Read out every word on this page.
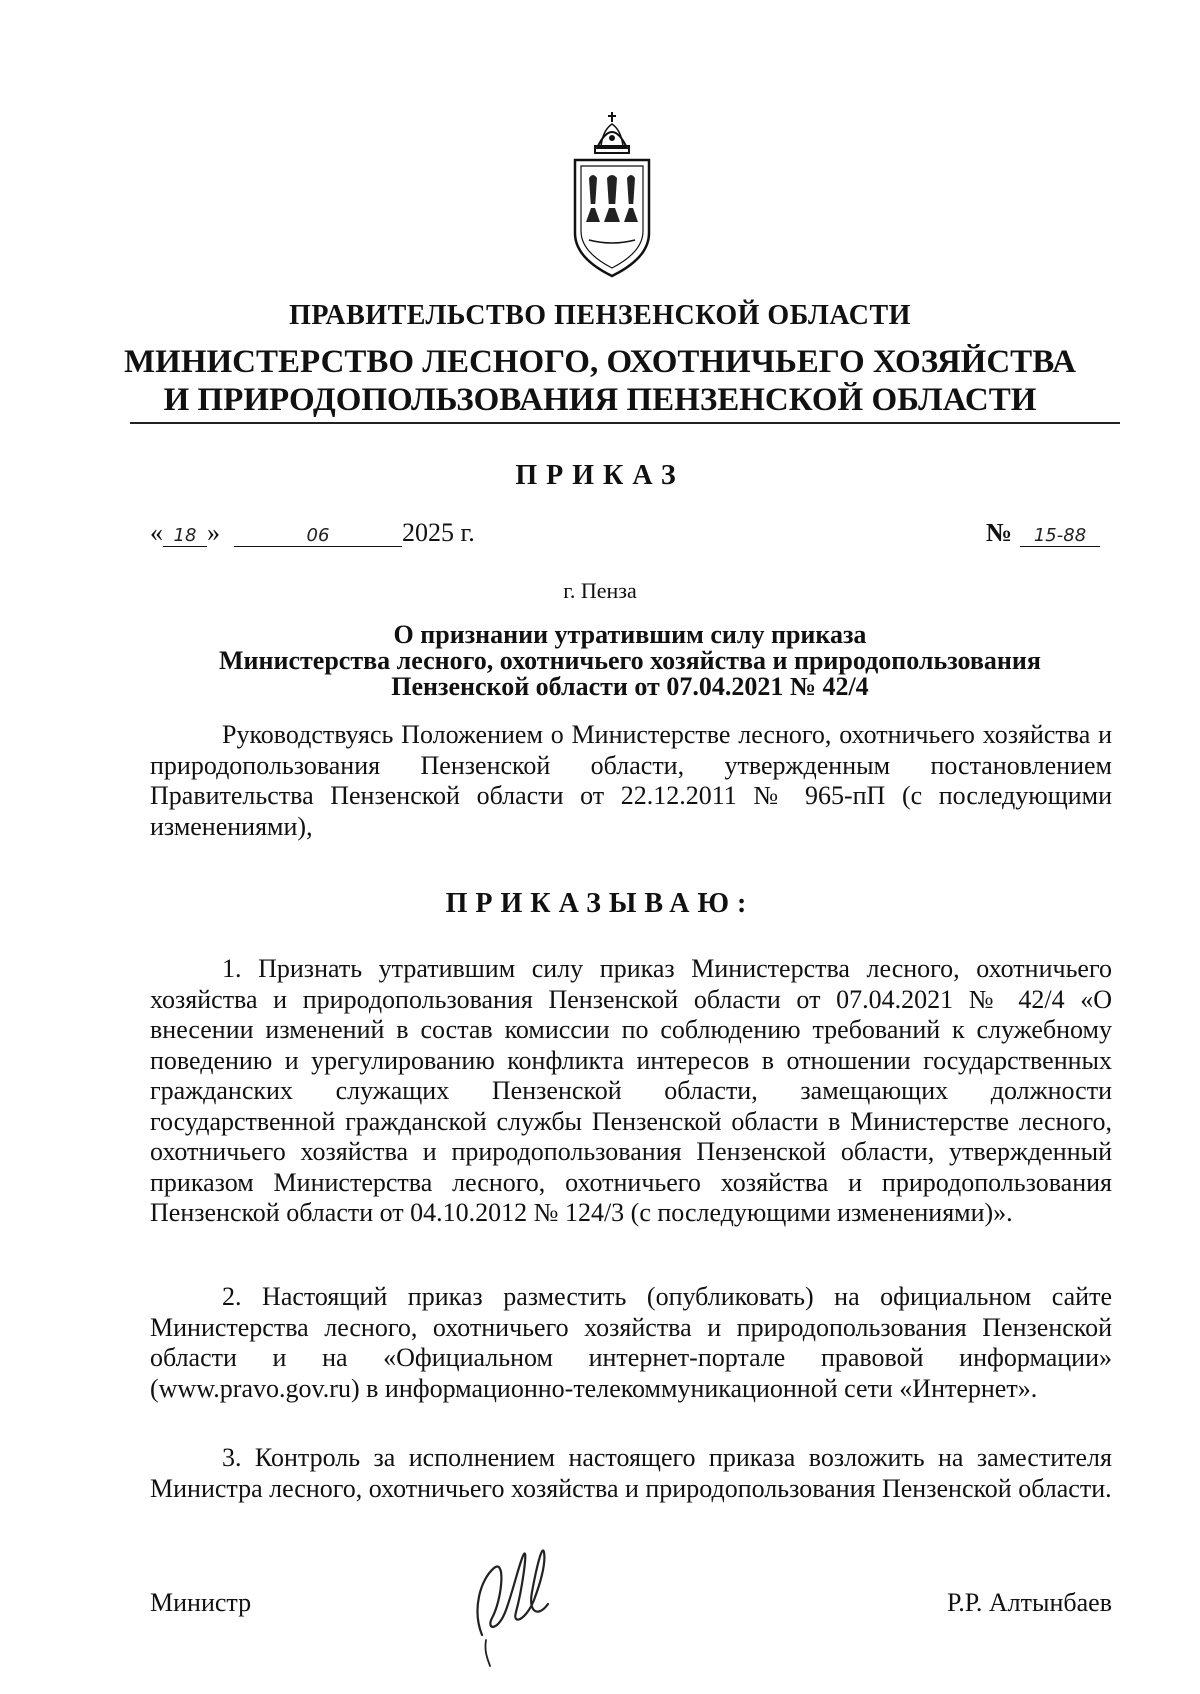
ПРАВИТЕЛЬСТВО ПЕНЗЕНСКОЙ ОБЛАСТИ
МИНИСТЕРСТВО ЛЕСНОГО, ОХОТНИЧЬЕГО ХОЗЯЙСТВА
И ПРИРОДОПОЛЬЗОВАНИЯ ПЕНЗЕНСКОЙ ОБЛАСТИ
ПРИКАЗ
« 18 »	06	2025 г.	№ 15-88
г. Пенза
О признании утратившим силу приказа
Министерства лесного, охотничьего хозяйства и природопользования
Пензенской области от 07.04.2021 № 42/4

Руководствуясь Положением о Министерстве лесного, охотничьего хозяйства и природопользования Пензенской области, утвержденным постановлением Правительства Пензенской области от 22.12.2011 № 965-пП (с последующими изменениями),

ПРИКАЗЫВАЮ:

1. Признать утратившим силу приказ Министерства лесного, охотничьего хозяйства и природопользования Пензенской области от 07.04.2021 № 42/4 «О внесении изменений в состав комиссии по соблюдению требований к служебному поведению и урегулированию конфликта интересов в отношении государственных гражданских служащих Пензенской области, замещающих должности государственной гражданской службы Пензенской области в Министерстве лесного, охотничьего хозяйства и природопользования Пензенской области, утвержденный приказом Министерства лесного, охотничьего хозяйства и природопользования Пензенской области от 04.10.2012 № 124/3 (с последующими изменениями)».

2. Настоящий приказ разместить (опубликовать) на официальном сайте Министерства лесного, охотничьего хозяйства и природопользования Пензенской области и на «Официальном интернет-портале правовой информации» (www.pravo.gov.ru) в информационно-телекоммуникационной сети «Интернет».

3. Контроль за исполнением настоящего приказа возложить на заместителя Министра лесного, охотничьего хозяйства и природопользования Пензенской области.

Министр	Р.Р. Алтынбаев
